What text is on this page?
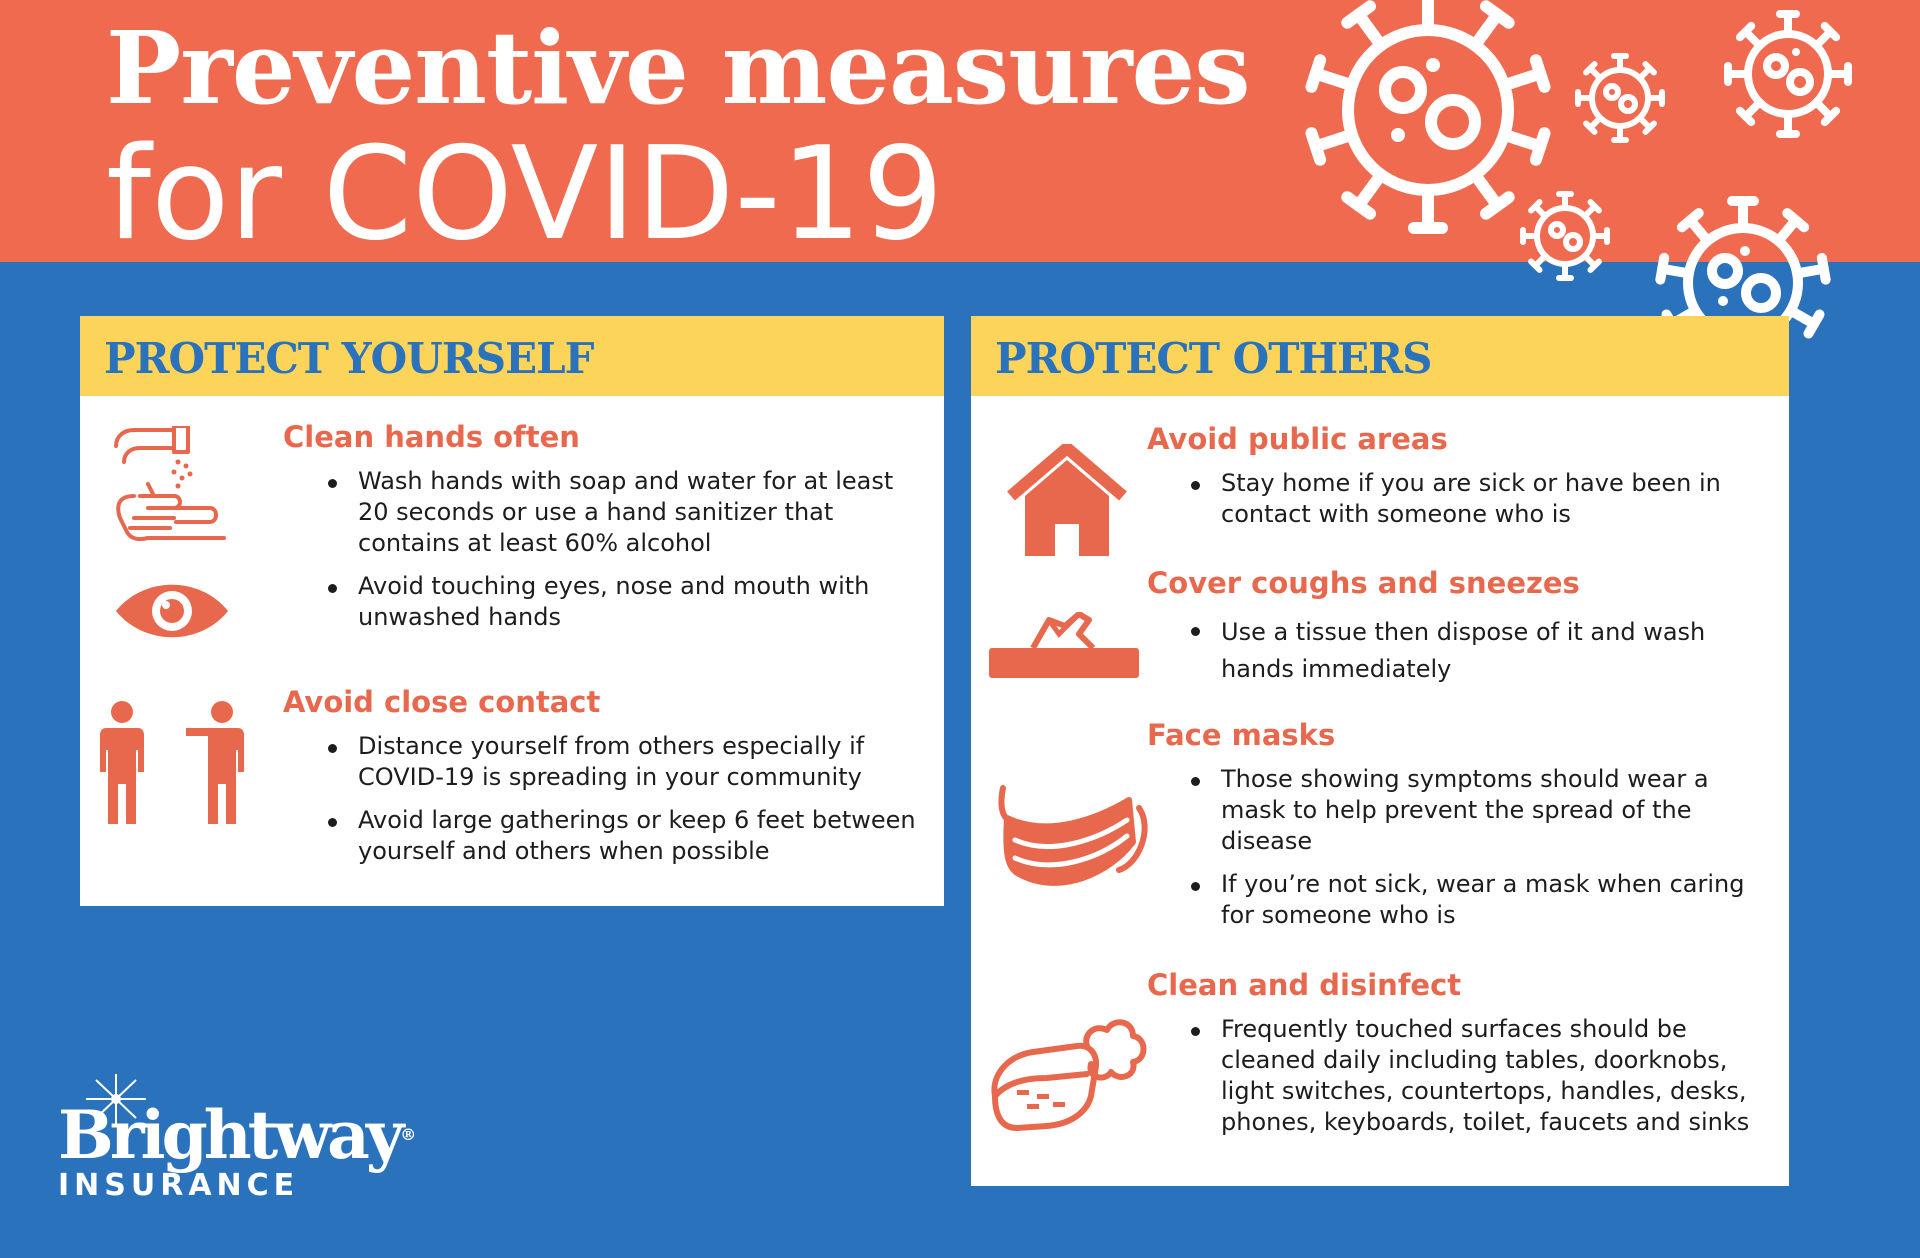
Preventive measures
for COVID-19
PROTECT YOURSELF
Clean hands often
Wash hands with soap and water for at least 20 seconds or use a hand sanitizer that contains at least 60% alcohol
Avoid touching eyes, nose and mouth with unwashed hands
Avoid close contact
Distance yourself from others especially if COVID-19 is spreading in your community
Avoid large gatherings or keep 6 feet between yourself and others when possible
PROTECT OTHERS
Avoid public areas
Stay home if you are sick or have been in contact with someone who is
Cover coughs and sneezes
Use a tissue then dispose of it and wash hands immediately
Face masks
Those showing symptoms should wear a mask to help prevent the spread of the disease
If you’re not sick, wear a mask when caring for someone who is
Clean and disinfect
Frequently touched surfaces should be cleaned daily including tables, doorknobs, light switches, countertops, handles, desks, phones, keyboards, toilet, faucets and sinks
Brightway®
INSURANCE
